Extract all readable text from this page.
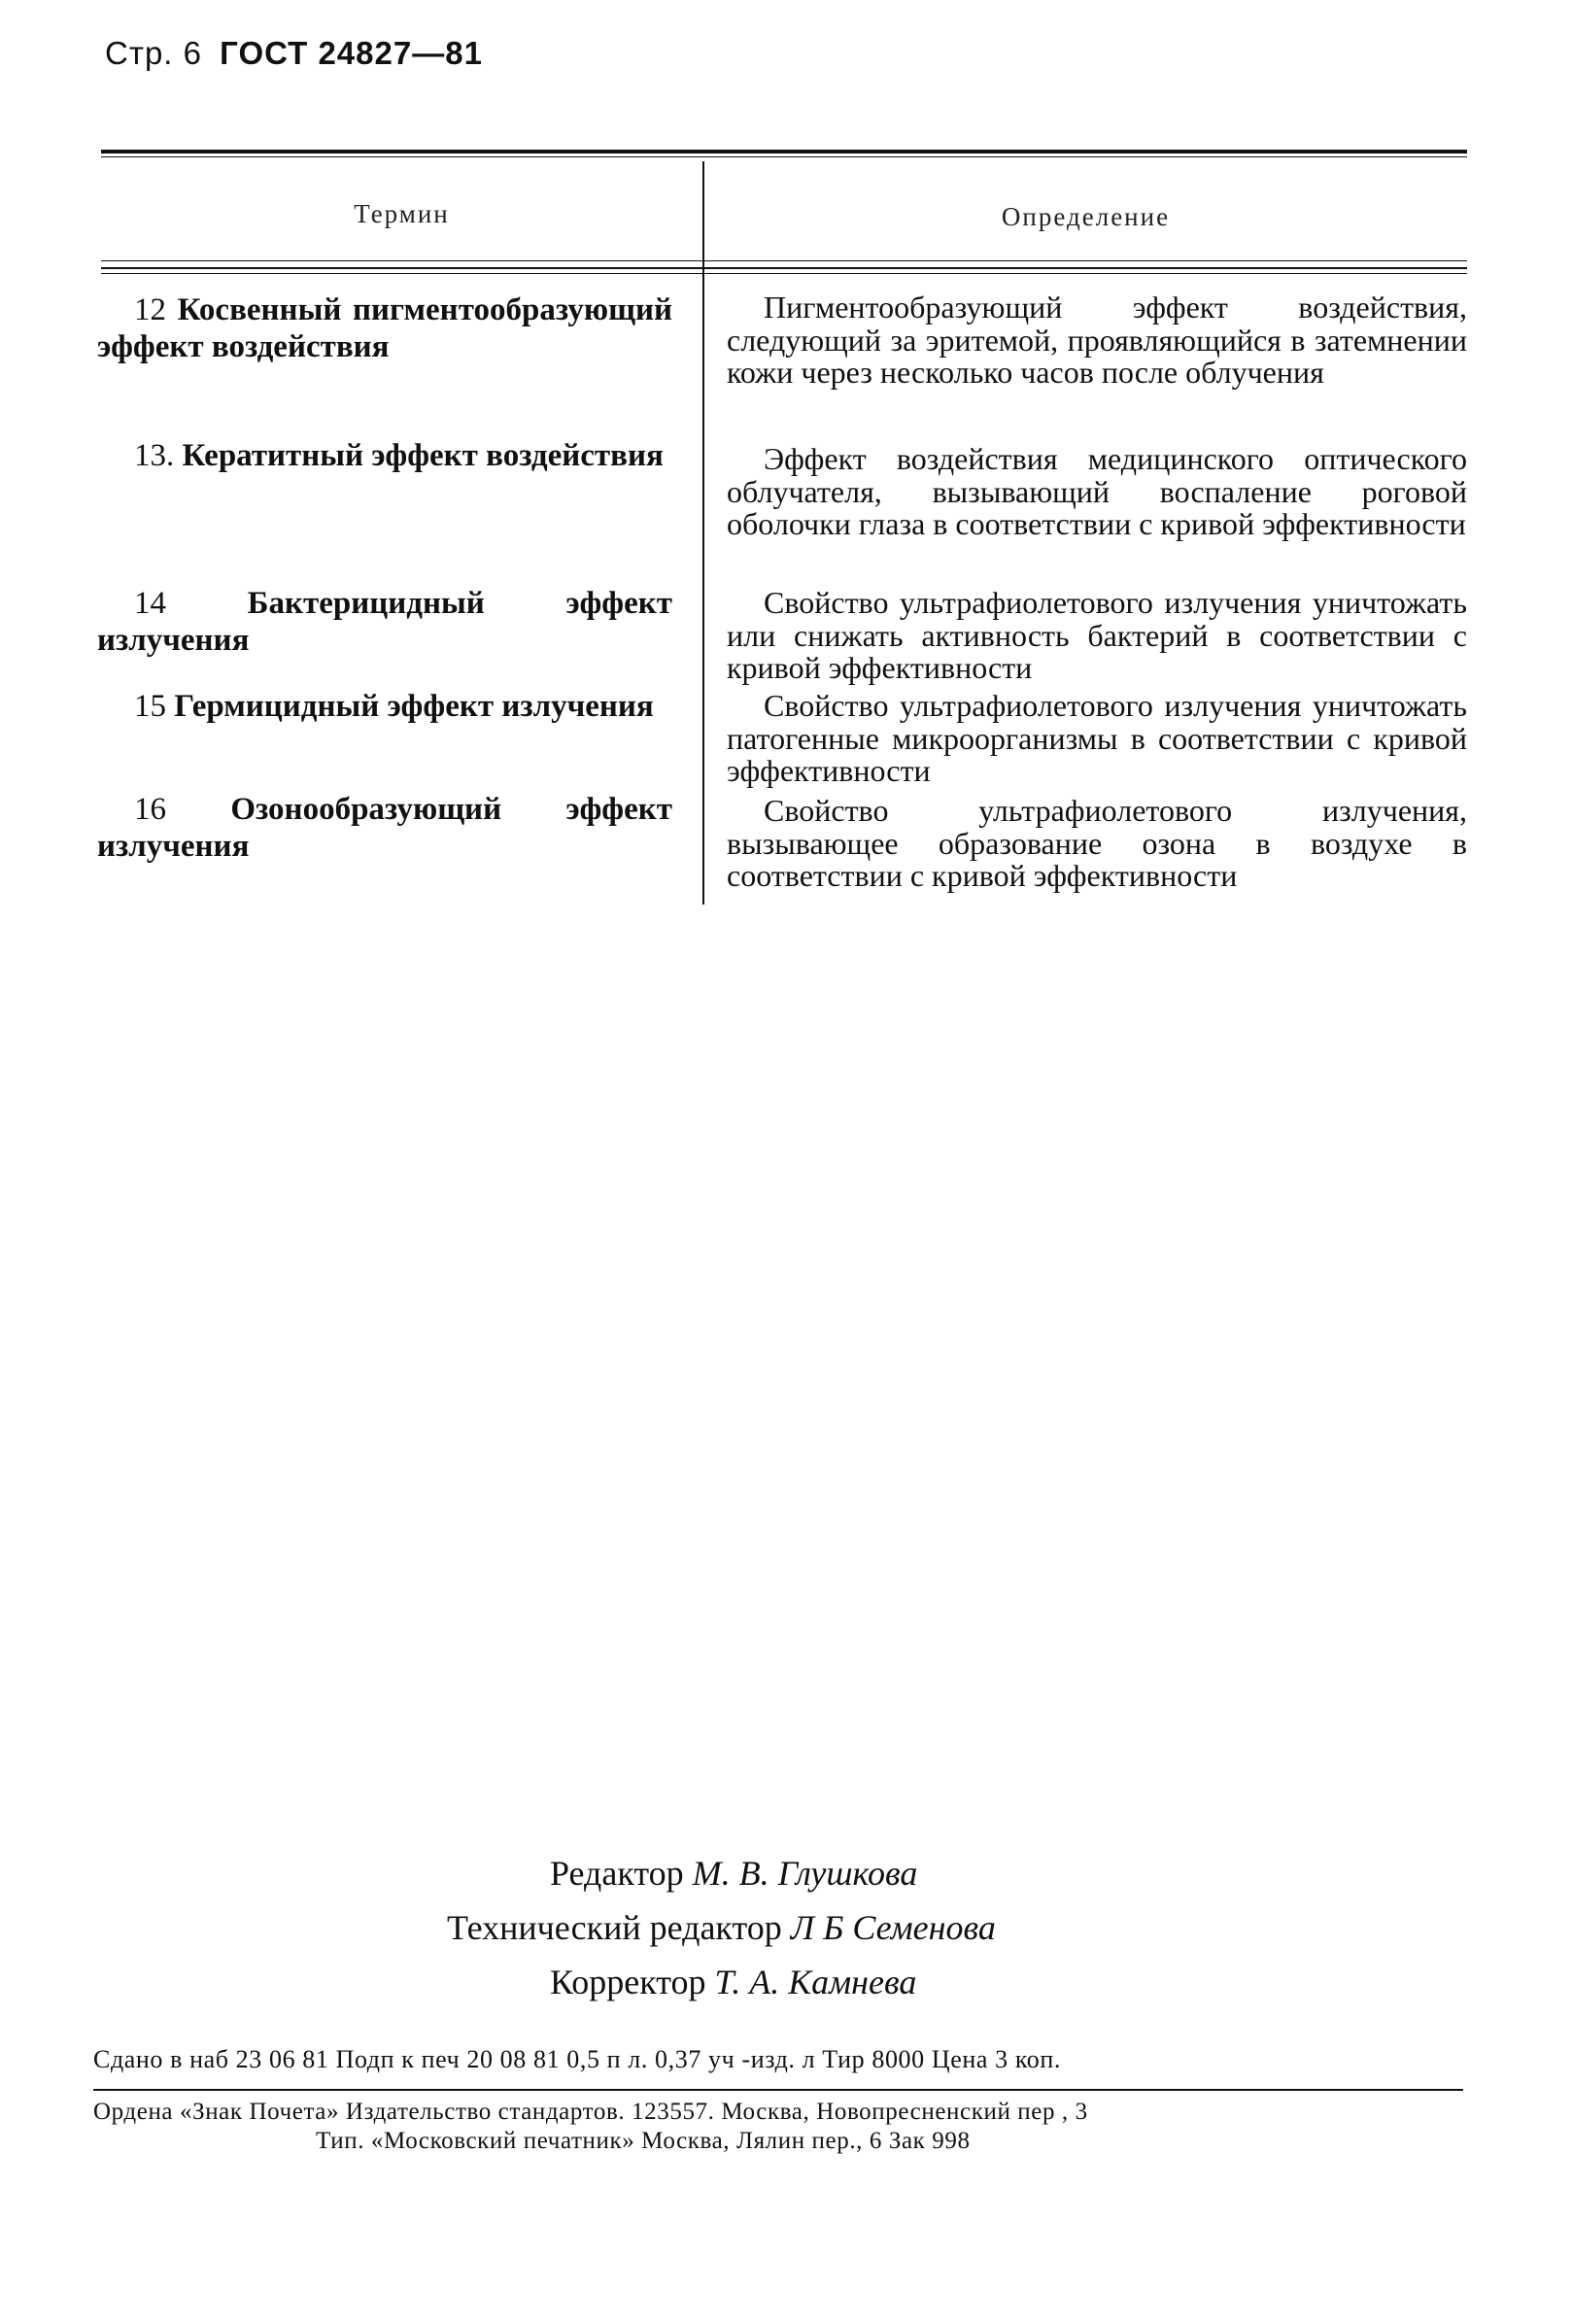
Стр. 6 ГОСТ 24827—81
Термин	Определение
12 Косвенный пигментообразующий эффект воздействия
13. Кератитный эффект воздействия
14	Бактерицидный эффект излучения
15 Гермицидный эффект излучения
16 Озонообразующий эффект излучения
Пигментообразующий эффект воздействия, следующий за эритемой, проявляющийся в затемнении кожи через несколько часов после облучения
Эффект воздействия медицинского оптического облучателя, вызывающий воспаление роговой оболочки глаза в соответствии с кривой эффективности
Свойство ультрафиолетового излучения уничтожать или снижать активность бактерий в соответствии с кривой эффективности
Свойство ультрафиолетового излучения уничтожать патогенные микроорганизмы в соответствии с кривой эффективности
Свойство ультрафиолетового излучения, вызывающее образование озона в воздухе в соответствии с кривой эффективности
Редактор М. В. Глушкова
Технический редактор Л Б Семенова
Корректор Т. А. Камнева
Сдано в наб 23 06 81 Подп к печ 20 08 81 0,5 п л. 0,37 уч -изд. л Тир 8000 Цена 3 коп.
Ордена «Знак Почета» Издательство стандартов. 123557. Москва, Новопресненский пер , 3
Тип. «Московский печатник» Москва, Лялин пер., 6 Зак 998
